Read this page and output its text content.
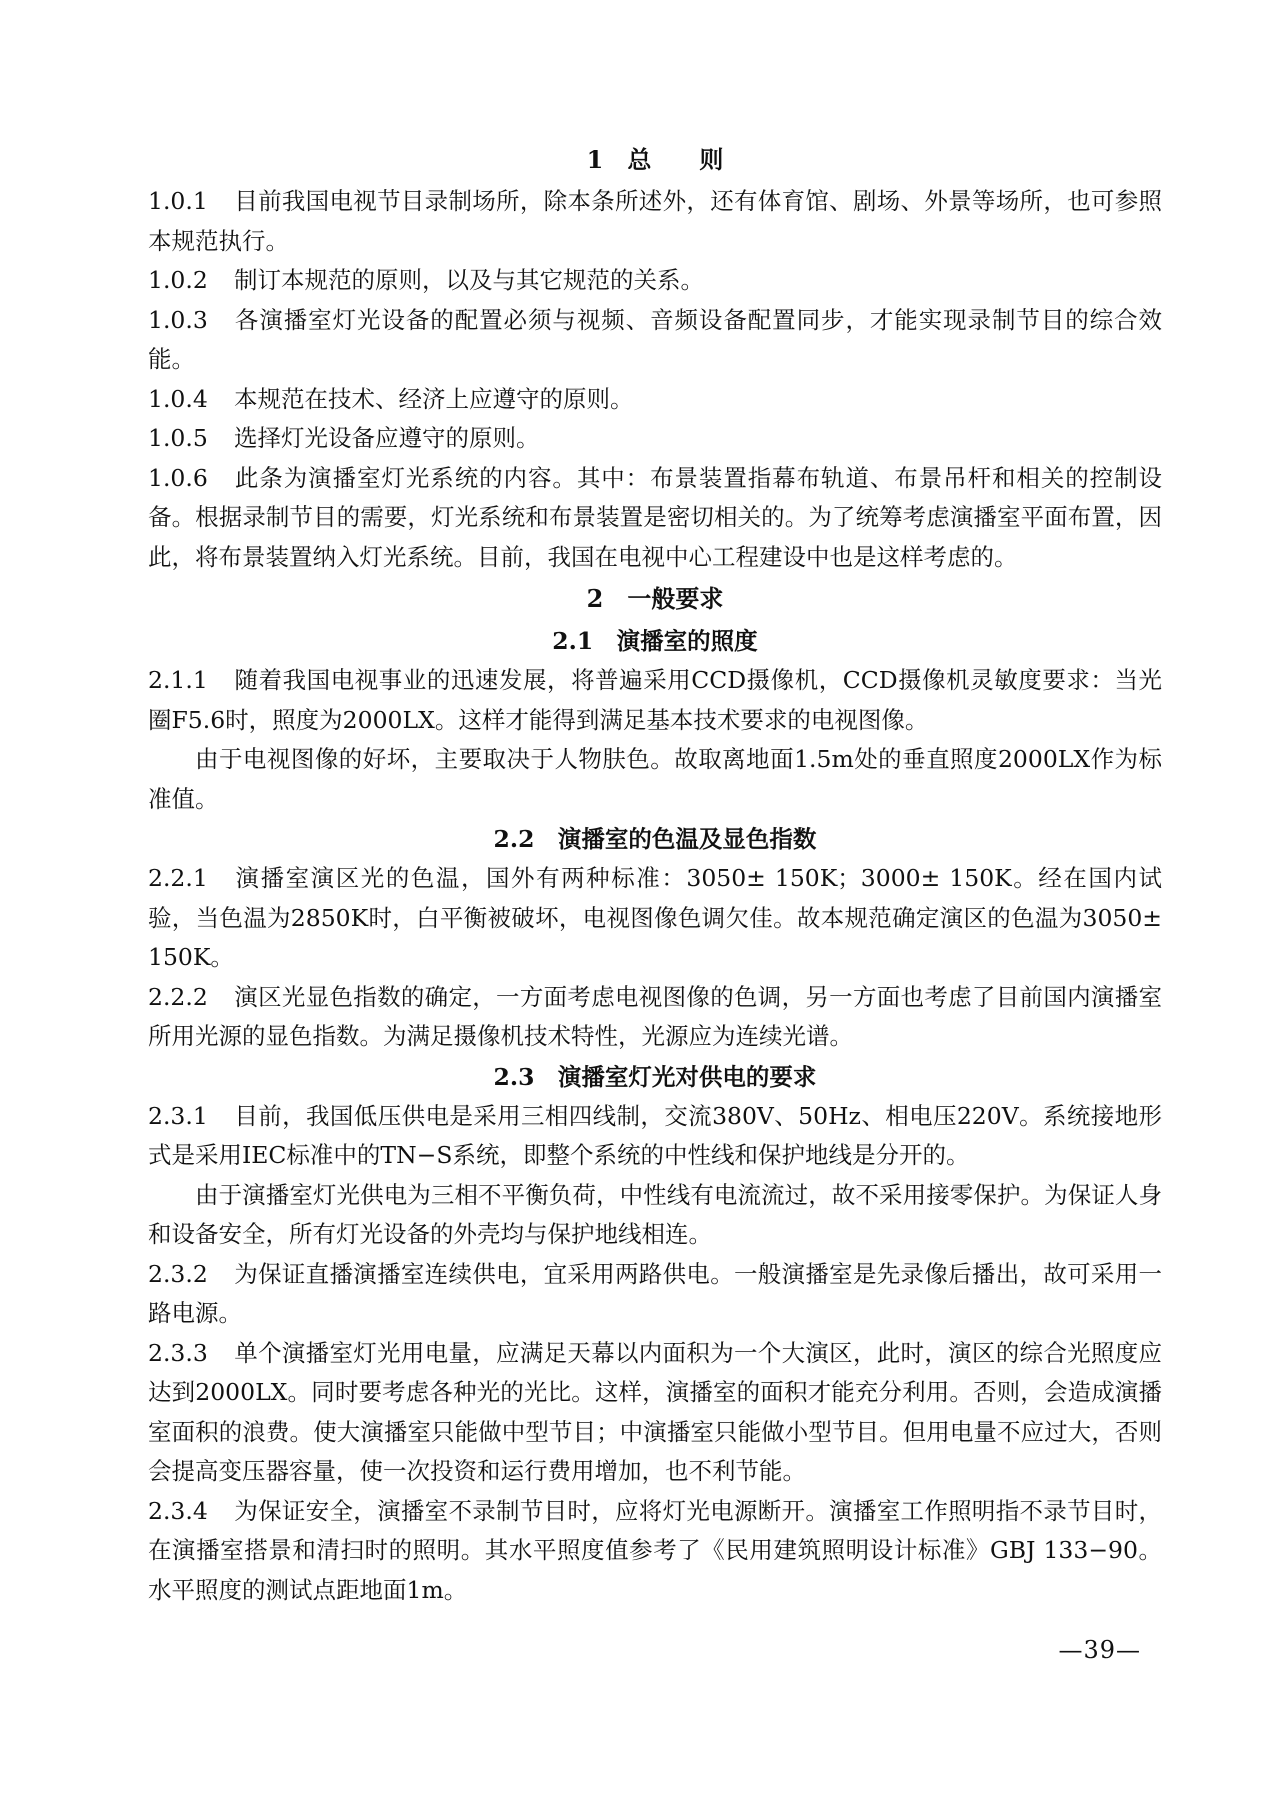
1　总　　则

1.0.1 目前我国电视节目录制场所，除本条所述外，还有体育馆、剧场、外景等场所，也可参照本规范执行。

1.0.2 制订本规范的原则，以及与其它规范的关系。

1.0.3 各演播室灯光设备的配置必须与视频、音频设备配置同步，才能实现录制节目的综合效能。

1.0.4 本规范在技术、经济上应遵守的原则。

1.0.5 选择灯光设备应遵守的原则。

1.0.6 此条为演播室灯光系统的内容。其中：布景装置指幕布轨道、布景吊杆和相关的控制设备。根据录制节目的需要，灯光系统和布景装置是密切相关的。为了统筹考虑演播室平面布置，因此，将布景装置纳入灯光系统。目前，我国在电视中心工程建设中也是这样考虑的。

2　一般要求
2.1　演播室的照度

2.1.1 随着我国电视事业的迅速发展，将普遍采用CCD摄像机，CCD摄像机灵敏度要求：当光圈F5.6时，照度为2000LX。这样才能得到满足基本技术要求的电视图像。

由于电视图像的好坏，主要取决于人物肤色。故取离地面1.5m处的垂直照度2000LX作为标准值。

2.2　演播室的色温及显色指数

2.2.1 演播室演区光的色温，国外有两种标准：3050± 150K；3000± 150K。经在国内试验，当色温为2850K时，白平衡被破坏，电视图像色调欠佳。故本规范确定演区的色温为3050± 150K。

2.2.2 演区光显色指数的确定，一方面考虑电视图像的色调，另一方面也考虑了目前国内演播室所用光源的显色指数。为满足摄像机技术特性，光源应为连续光谱。

2.3　演播室灯光对供电的要求

2.3.1 目前，我国低压供电是采用三相四线制，交流380V、50Hz、相电压220V。系统接地形式是采用IEC标准中的TN−S系统，即整个系统的中性线和保护地线是分开的。

由于演播室灯光供电为三相不平衡负荷，中性线有电流流过，故不采用接零保护。为保证人身和设备安全，所有灯光设备的外壳均与保护地线相连。

2.3.2 为保证直播演播室连续供电，宜采用两路供电。一般演播室是先录像后播出，故可采用一路电源。

2.3.3 单个演播室灯光用电量，应满足天幕以内面积为一个大演区，此时，演区的综合光照度应达到2000LX。同时要考虑各种光的光比。这样，演播室的面积才能充分利用。否则，会造成演播室面积的浪费。使大演播室只能做中型节目；中演播室只能做小型节目。但用电量不应过大，否则会提高变压器容量，使一次投资和运行费用增加，也不利节能。

2.3.4 为保证安全，演播室不录制节目时，应将灯光电源断开。演播室工作照明指不录节目时，在演播室搭景和清扫时的照明。其水平照度值参考了《民用建筑照明设计标准》GBJ 133−90。水平照度的测试点距地面1m。

—39—
